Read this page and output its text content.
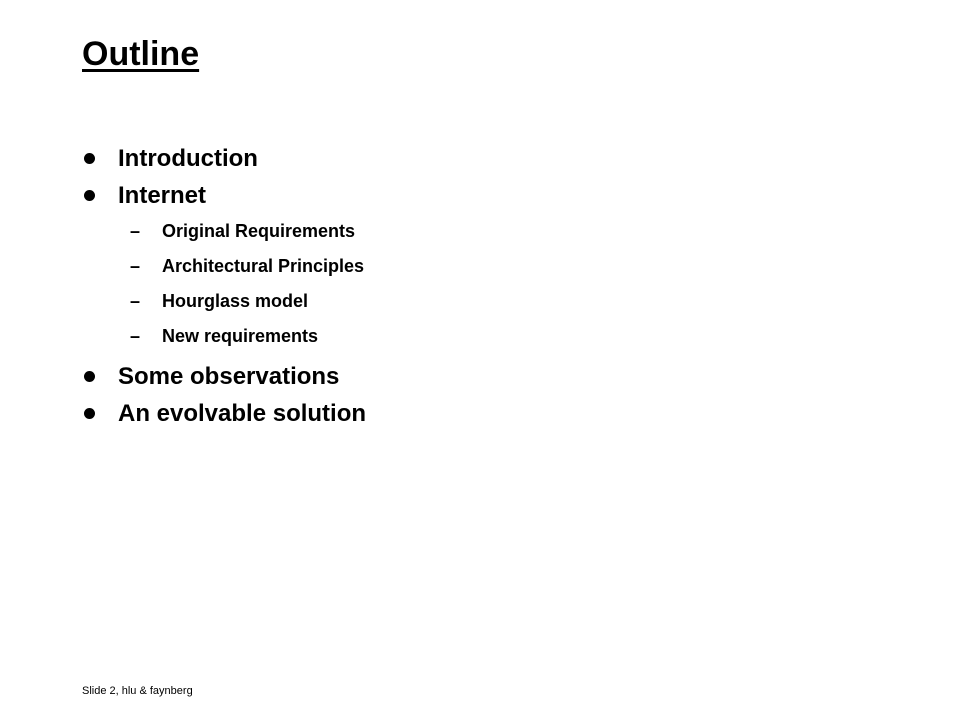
Outline
Introduction
Internet
–	Original Requirements
–	Architectural Principles
–	Hourglass model
–	New requirements
Some observations
An evolvable solution
Slide 2, hlu & faynberg
